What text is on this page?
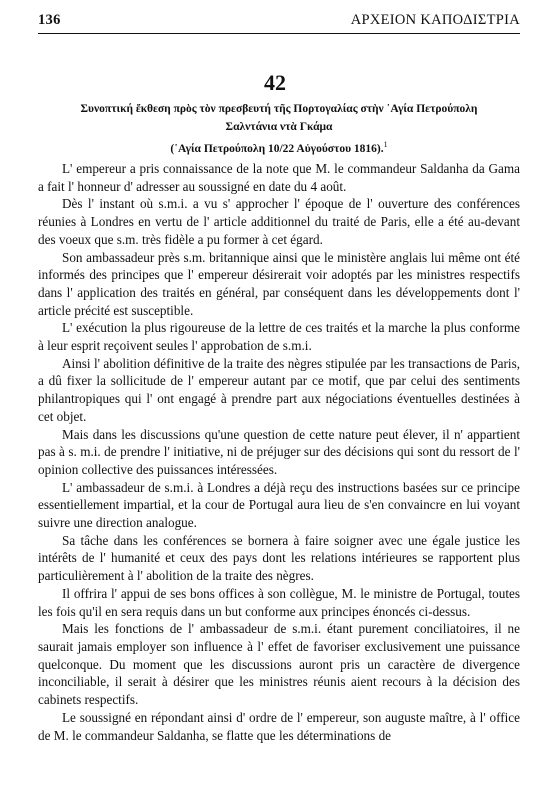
136	ΑΡΧΕΙΟΝ ΚΑΠΟΔΙΣΤΡΙΑ
42
Συνοπτική ἔκθεση πρὸς τὸν πρεσβευτή τῆς Πορτογαλίας στὴν ῾Αγία Πετρούπολη
Σαλντάνια ντὰ Γκάμα
(῾Αγία Πετρούπολη 10/22 Αὐγούστου 1816).$^1$

L' empereur a pris connaissance de la note que M. le commandeur Saldanha da Gama a fait l' honneur d' adresser au soussigné en date du 4 août.

Dès l' instant où s.m.i. a vu s' approcher l' époque de l' ouverture des conférences réunies à Londres en vertu de l' article additionnel du traité de Paris, elle a été au-devant des voeux que s.m. très fidèle a pu former à cet égard.

Son ambassadeur près s.m. britannique ainsi que le ministère anglais lui même ont été informés des principes que l' empereur désirerait voir adoptés par les ministres respectifs dans l' application des traités en général, par conséquent dans les développements dont l' article précité est susceptible.

L' exécution la plus rigoureuse de la lettre de ces traités et la marche la plus conforme à leur esprit reçoivent seules l' approbation de s.m.i.

Ainsi l' abolition définitive de la traite des nègres stipulée par les transactions de Paris, a dû fixer la sollicitude de l' empereur autant par ce motif, que par celui des sentiments philantropiques qui l' ont engagé à prendre part aux négociations éventuelles destinées à cet objet.

Mais dans les discussions qu'une question de cette nature peut élever, il n' appartient pas à s. m.i. de prendre l' initiative, ni de préjuger sur des décisions qui sont du ressort de l' opinion collective des puissances intéressées.

L' ambassadeur de s.m.i. à Londres a déjà reçu des instructions basées sur ce principe essentiellement impartial, et la cour de Portugal aura lieu de s'en convaincre en lui voyant suivre une direction analogue.

Sa tâche dans les conférences se bornera à faire soigner avec une égale justice les intérêts de l' humanité et ceux des pays dont les relations intérieures se rapportent plus particulièrement à l' abolition de la traite des nègres.

Il offrira l' appui de ses bons offices à son collègue, M. le ministre de Portugal, toutes les fois qu'il en sera requis dans un but conforme aux principes énoncés ci-dessus.

Mais les fonctions de l' ambassadeur de s.m.i. étant purement conciliatoires, il ne saurait jamais employer son influence à l' effet de favoriser exclusivement une puissance quelconque. Du moment que les discussions auront pris un caractère de divergence inconciliable, il serait à désirer que les ministres réunis aient recours à la décision des cabinets respectifs.

Le soussigné en répondant ainsi d' ordre de l' empereur, son auguste maître, à l' office de M. le commandeur Saldanha, se flatte que les déterminations de
